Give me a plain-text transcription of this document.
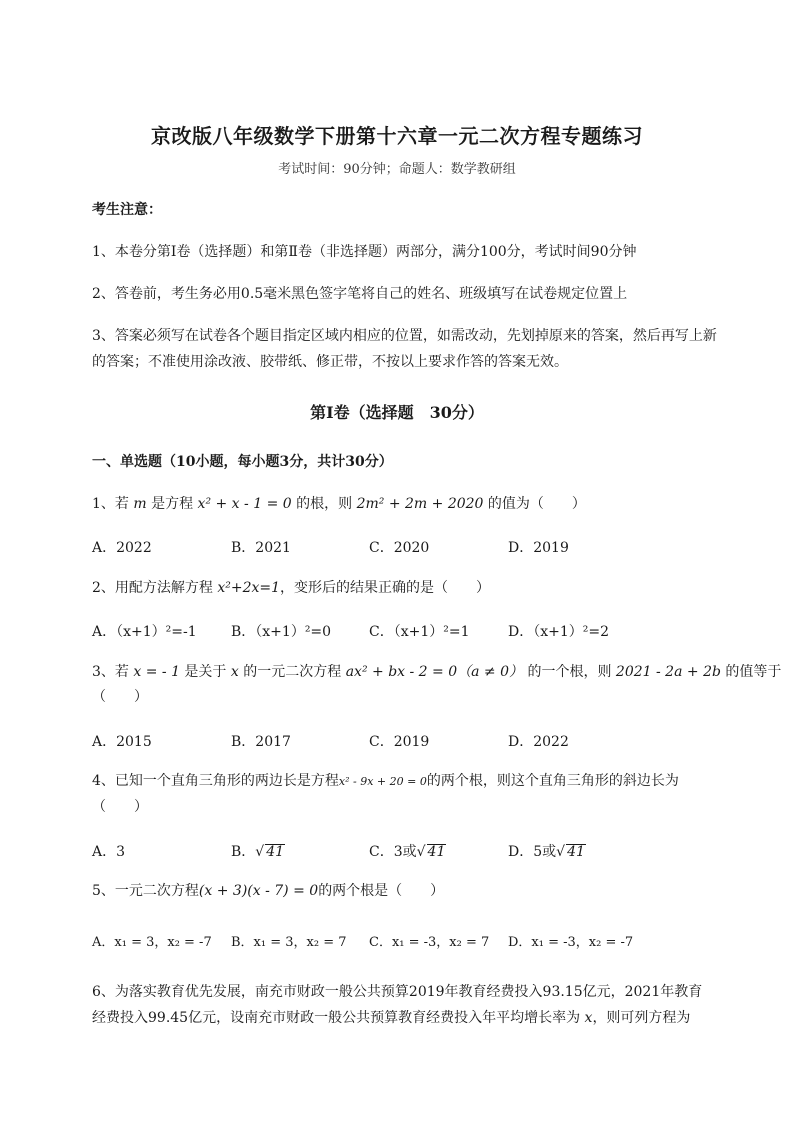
京改版八年级数学下册第十六章一元二次方程专题练习
考试时间：90分钟；命题人：数学教研组
考生注意：
1、本卷分第I卷（选择题）和第Ⅱ卷（非选择题）两部分，满分100分，考试时间90分钟
2、答卷前，考生务必用0.5毫米黑色签字笔将自己的姓名、班级填写在试卷规定位置上
3、答案必须写在试卷各个题目指定区域内相应的位置，如需改动，先划掉原来的答案，然后再写上新
的答案；不准使用涂改液、胶带纸、修正带，不按以上要求作答的答案无效。
第I卷（选择题　30分）
一、单选题（10小题，每小题3分，共计30分）
1、若 m 是方程 x² + x - 1 = 0 的根，则 2m² + 2m + 2020 的值为（　　）
A．2022	B．2021	C．2020	D．2019
2、用配方法解方程 x²+2x=1，变形后的结果正确的是（　　）
A．（x+1）²=-1 B．（x+1）²=0	C．（x+1）²=1	D．（x+1）²=2
3、若 x = - 1 是关于 x 的一元二次方程 ax² + bx - 2 = 0（a ≠ 0） 的一个根，则 2021 - 2a + 2b 的值等于
（　　）
A．2015	B．2017	C．2019	D．2022
4、已知一个直角三角形的两边长是方程x² - 9x + 20 = 0的两个根，则这个直角三角形的斜边长为
（　　）
A．3	B．√ 41	C．3或√ 41	D．5或√ 41
5、一元二次方程(x + 3)(x - 7) = 0的两个根是（　　）
A．x₁ = 3，x₂ = -7 B．x₁ = 3，x₂ = 7 C．x₁ = -3，x₂ = 7 D．x₁ = -3，x₂ = -7
6、为落实教育优先发展，南充市财政一般公共预算2019年教育经费投入93.15亿元，2021年教育
经费投入99.45亿元，设南充市财政一般公共预算教育经费投入年平均增长率为 x，则可列方程为
